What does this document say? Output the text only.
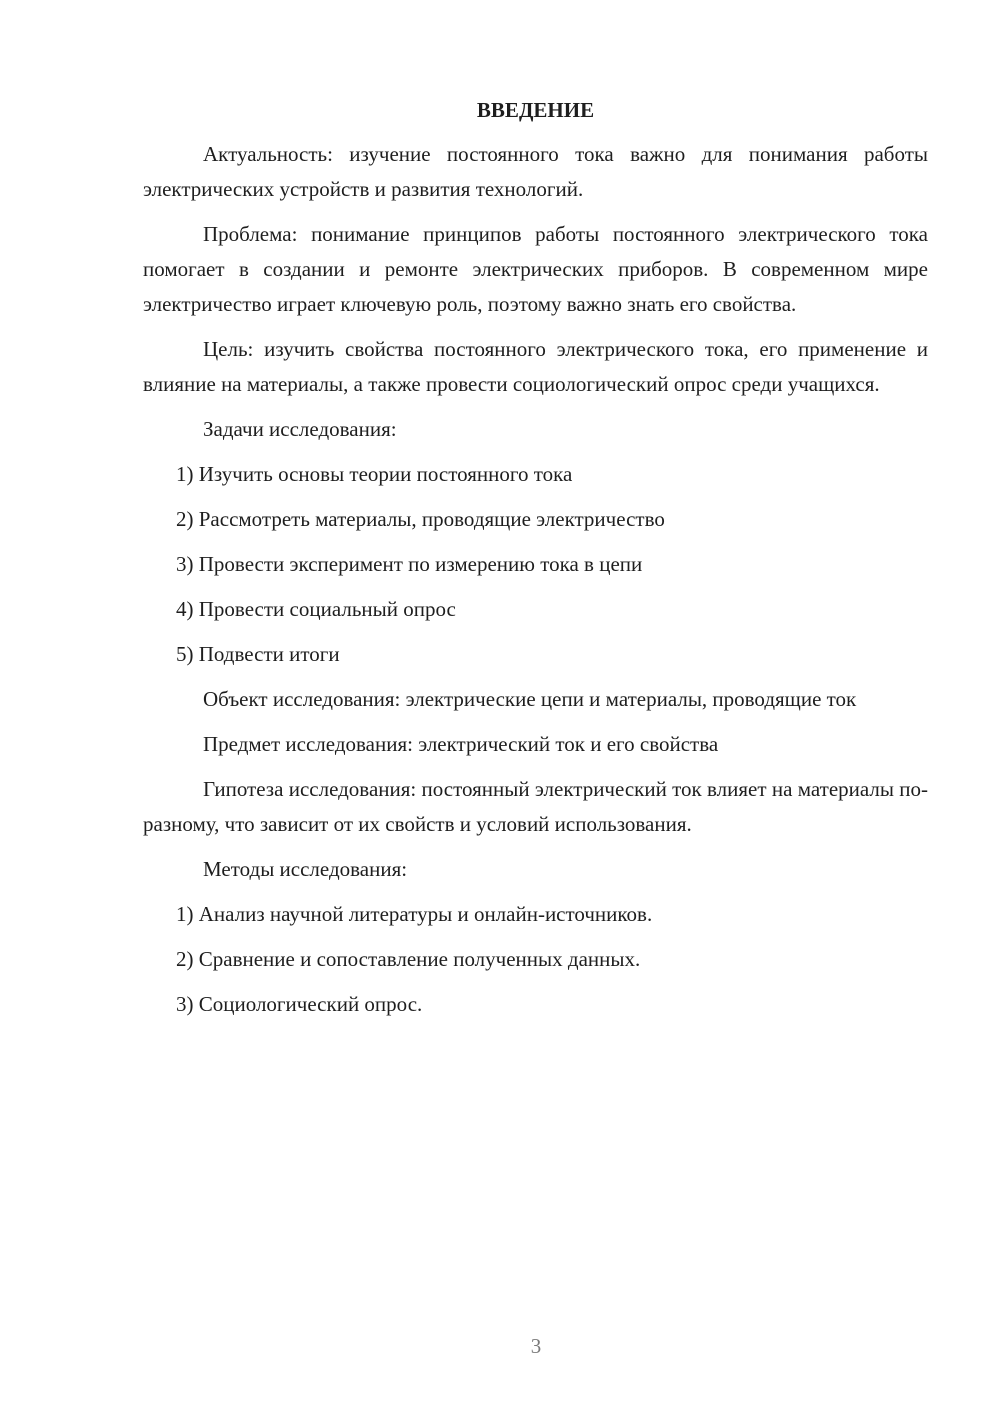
ВВЕДЕНИЕ

Актуальность: изучение постоянного тока важно для понимания работы электрических устройств и развития технологий.

Проблема: понимание принципов работы постоянного электрического тока помогает в создании и ремонте электрических приборов. В современном мире электричество играет ключевую роль, поэтому важно знать его свойства.

Цель: изучить свойства постоянного электрического тока, его применение и влияние на материалы, а также провести социологический опрос среди учащихся.

Задачи исследования:

1) Изучить основы теории постоянного тока
2) Рассмотреть материалы, проводящие электричество
3) Провести эксперимент по измерению тока в цепи
4) Провести социальный опрос
5) Подвести итоги

Объект исследования: электрические цепи и материалы, проводящие ток

Предмет исследования: электрический ток и его свойства

Гипотеза исследования: постоянный электрический ток влияет на материалы по-разному, что зависит от их свойств и условий использования.

Методы исследования:

1) Анализ научной литературы и онлайн-источников.
2) Сравнение и сопоставление полученных данных.
3) Социологический опрос.
3
